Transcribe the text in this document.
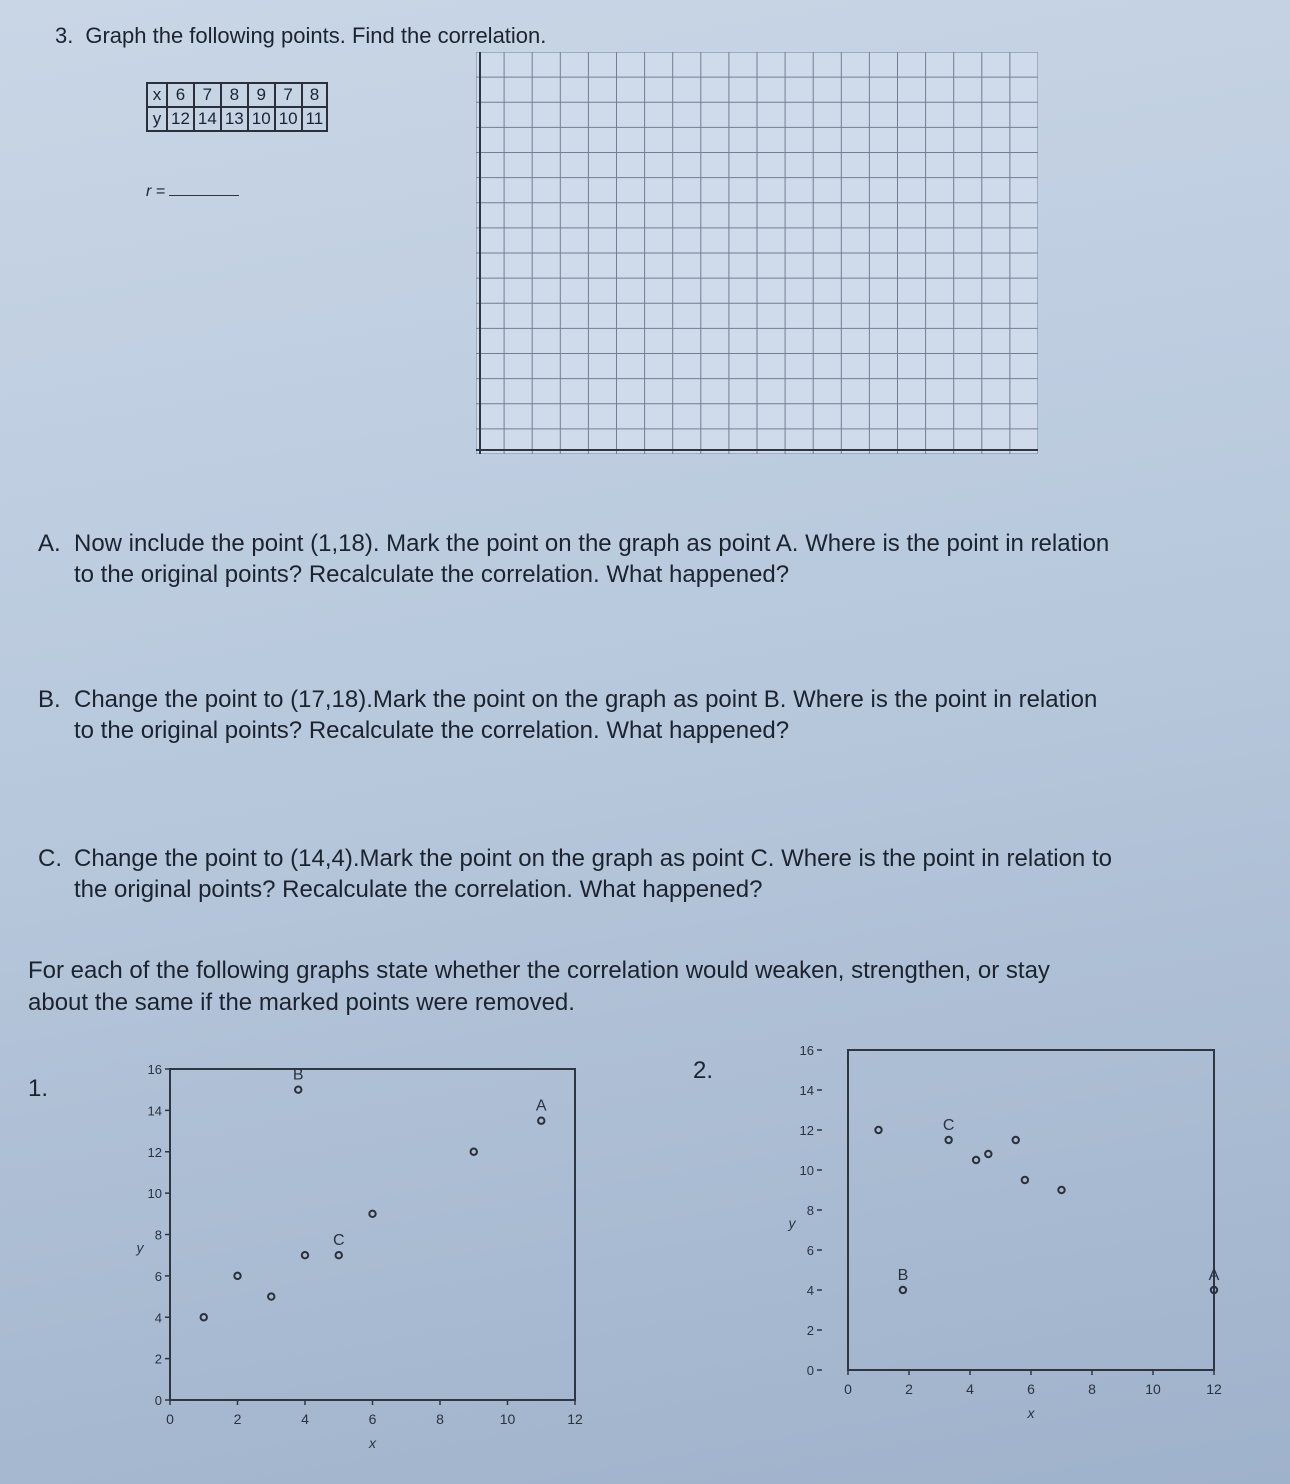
3. Graph the following points. Find the correlation.
x	6	7	8	9	7	8
y	12	14	13	10	10	11
r =
A. Now include the point (1,18). Mark the point on the graph as point A. Where is the point in relation
to the original points? Recalculate the correlation. What happened?
B. Change the point to (17,18).Mark the point on the graph as point B. Where is the point in relation
to the original points? Recalculate the correlation. What happened?
C. Change the point to (14,4).Mark the point on the graph as point C. Where is the point in relation to
the original points? Recalculate the correlation. What happened?
For each of the following graphs state whether the correlation would weaken, strengthen, or stay
about the same if the marked points were removed.
1.
2.
0
2
4
6
8
10
12
14
16
0	2	4	6	8	10	12
x
y
B
C
A
0
2
4
6
8
10
12
14
16
0	2	4	6	8	10	12
x
y
B
C
A
